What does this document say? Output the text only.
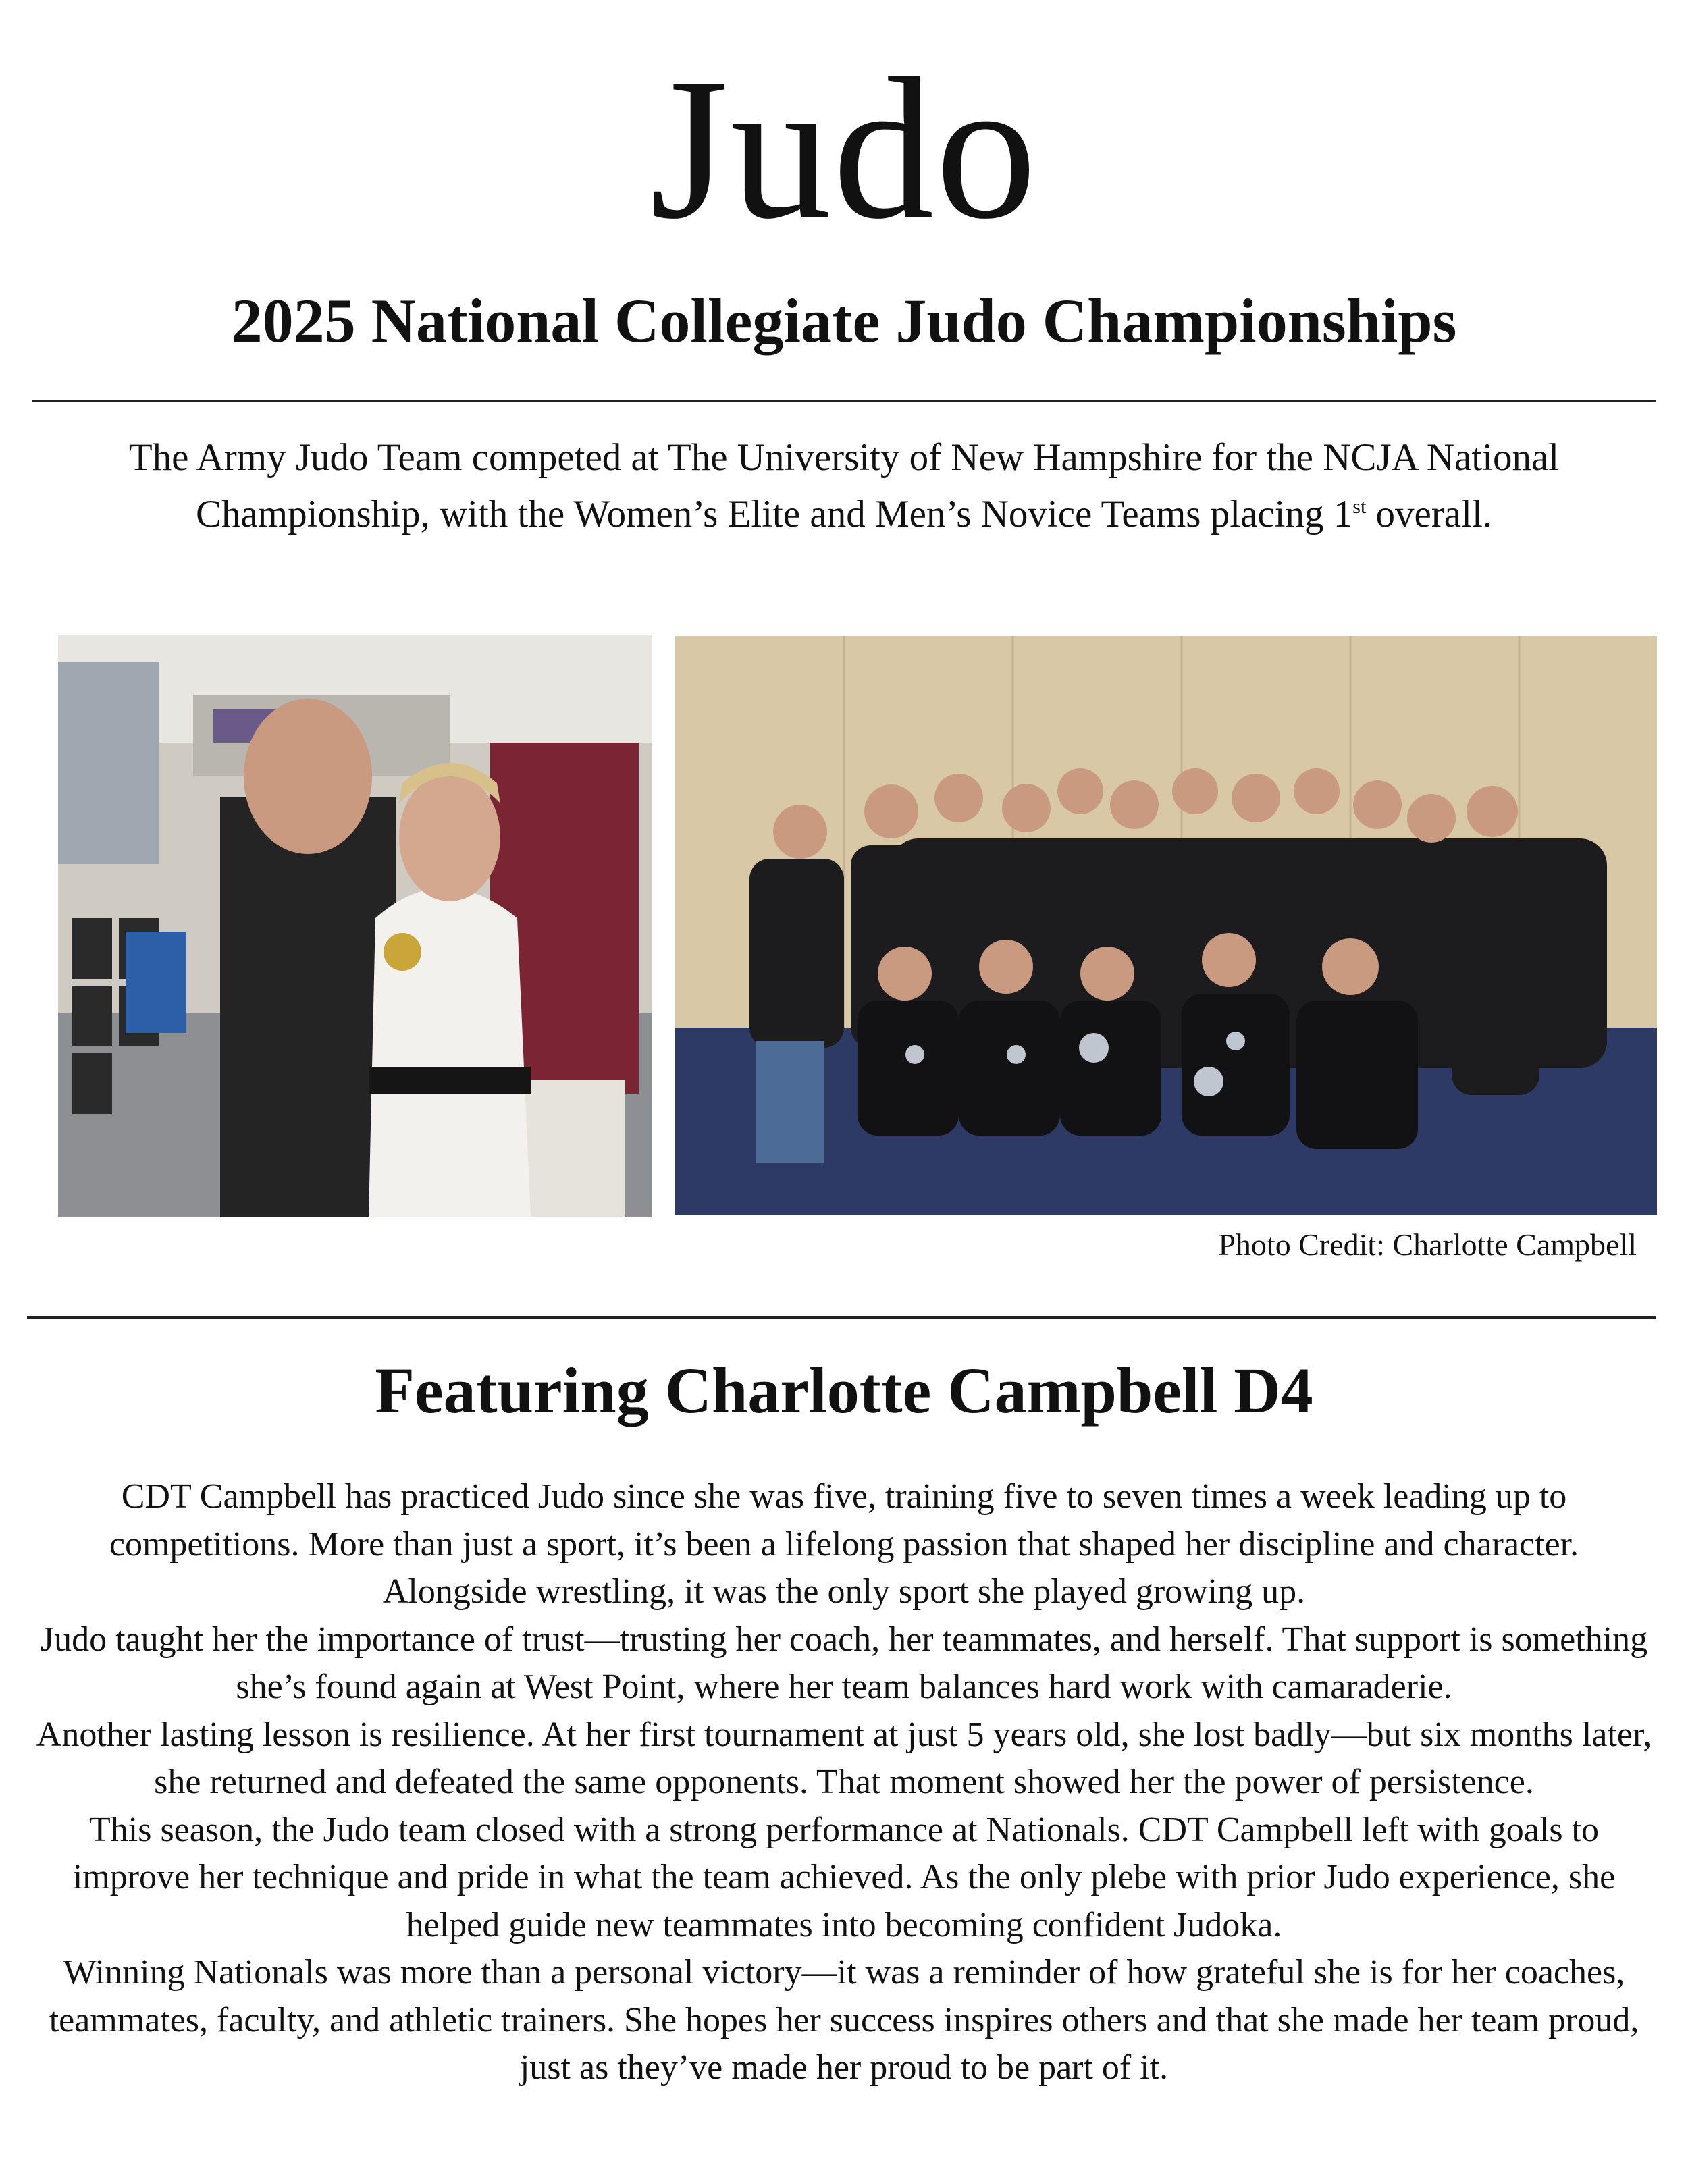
Judo
2025 National Collegiate Judo Championships

The Army Judo Team competed at The University of New Hampshire for the NCJA National Championship, with the Women’s Elite and Men’s Novice Teams placing 1st overall.

Photo Credit: Charlotte Campbell

Featuring Charlotte Campbell D4

CDT Campbell has practiced Judo since she was five, training five to seven times a week leading up to competitions. More than just a sport, it’s been a lifelong passion that shaped her discipline and character. Alongside wrestling, it was the only sport she played growing up.

Judo taught her the importance of trust—trusting her coach, her teammates, and herself. That support is something she’s found again at West Point, where her team balances hard work with camaraderie.

Another lasting lesson is resilience. At her first tournament at just 5 years old, she lost badly—but six months later, she returned and defeated the same opponents. That moment showed her the power of persistence.

This season, the Judo team closed with a strong performance at Nationals. CDT Campbell left with goals to improve her technique and pride in what the team achieved. As the only plebe with prior Judo experience, she helped guide new teammates into becoming confident Judoka.

Winning Nationals was more than a personal victory—it was a reminder of how grateful she is for her coaches, teammates, faculty, and athletic trainers. She hopes her success inspires others and that she made her team proud, just as they’ve made her proud to be part of it.
